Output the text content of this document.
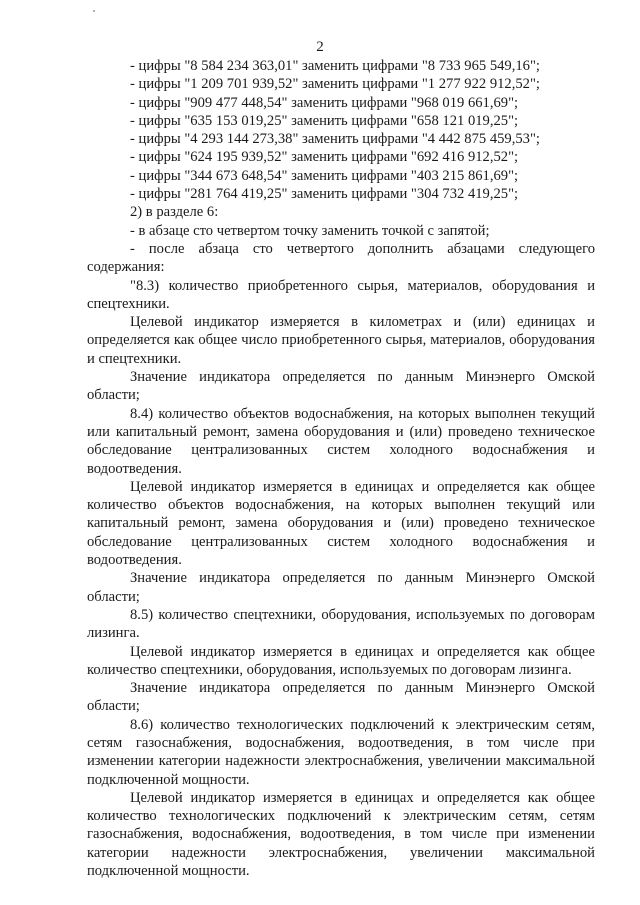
2

- цифры "8 584 234 363,01" заменить цифрами "8 733 965 549,16";

- цифры "1 209 701 939,52" заменить цифрами "1 277 922 912,52";

- цифры "909 477 448,54" заменить цифрами "968 019 661,69";

- цифры "635 153 019,25" заменить цифрами "658 121 019,25";

- цифры "4 293 144 273,38" заменить цифрами "4 442 875 459,53";

- цифры "624 195 939,52" заменить цифрами "692 416 912,52";

- цифры "344 673 648,54" заменить цифрами "403 215 861,69";

- цифры "281 764 419,25" заменить цифрами "304 732 419,25";

2) в разделе 6:

- в абзаце сто четвертом точку заменить точкой с запятой;

- после абзаца сто четвертого дополнить абзацами следующего содержания:

"8.3) количество приобретенного сырья, материалов, оборудования и спецтехники.

Целевой индикатор измеряется в километрах и (или) единицах и определяется как общее число приобретенного сырья, материалов, оборудования и спецтехники.

Значение индикатора определяется по данным Минэнерго Омской области;

8.4) количество объектов водоснабжения, на которых выполнен текущий или капитальный ремонт, замена оборудования и (или) проведено техническое обследование централизованных систем холодного водоснабжения и водоотведения.

Целевой индикатор измеряется в единицах и определяется как общее количество объектов водоснабжения, на которых выполнен текущий или капитальный ремонт, замена оборудования и (или) проведено техническое обследование централизованных систем холодного водоснабжения и водоотведения.

Значение индикатора определяется по данным Минэнерго Омской области;

8.5) количество спецтехники, оборудования, используемых по договорам лизинга.

Целевой индикатор измеряется в единицах и определяется как общее количество спецтехники, оборудования, используемых по договорам лизинга.

Значение индикатора определяется по данным Минэнерго Омской области;

8.6) количество технологических подключений к электрическим сетям, сетям газоснабжения, водоснабжения, водоотведения, в том числе при изменении категории надежности электроснабжения, увеличении максимальной подключенной мощности.

Целевой индикатор измеряется в единицах и определяется как общее количество технологических подключений к электрическим сетям, сетям газоснабжения, водоснабжения, водоотведения, в том числе при изменении категории надежности электроснабжения, увеличении максимальной подключенной мощности.
